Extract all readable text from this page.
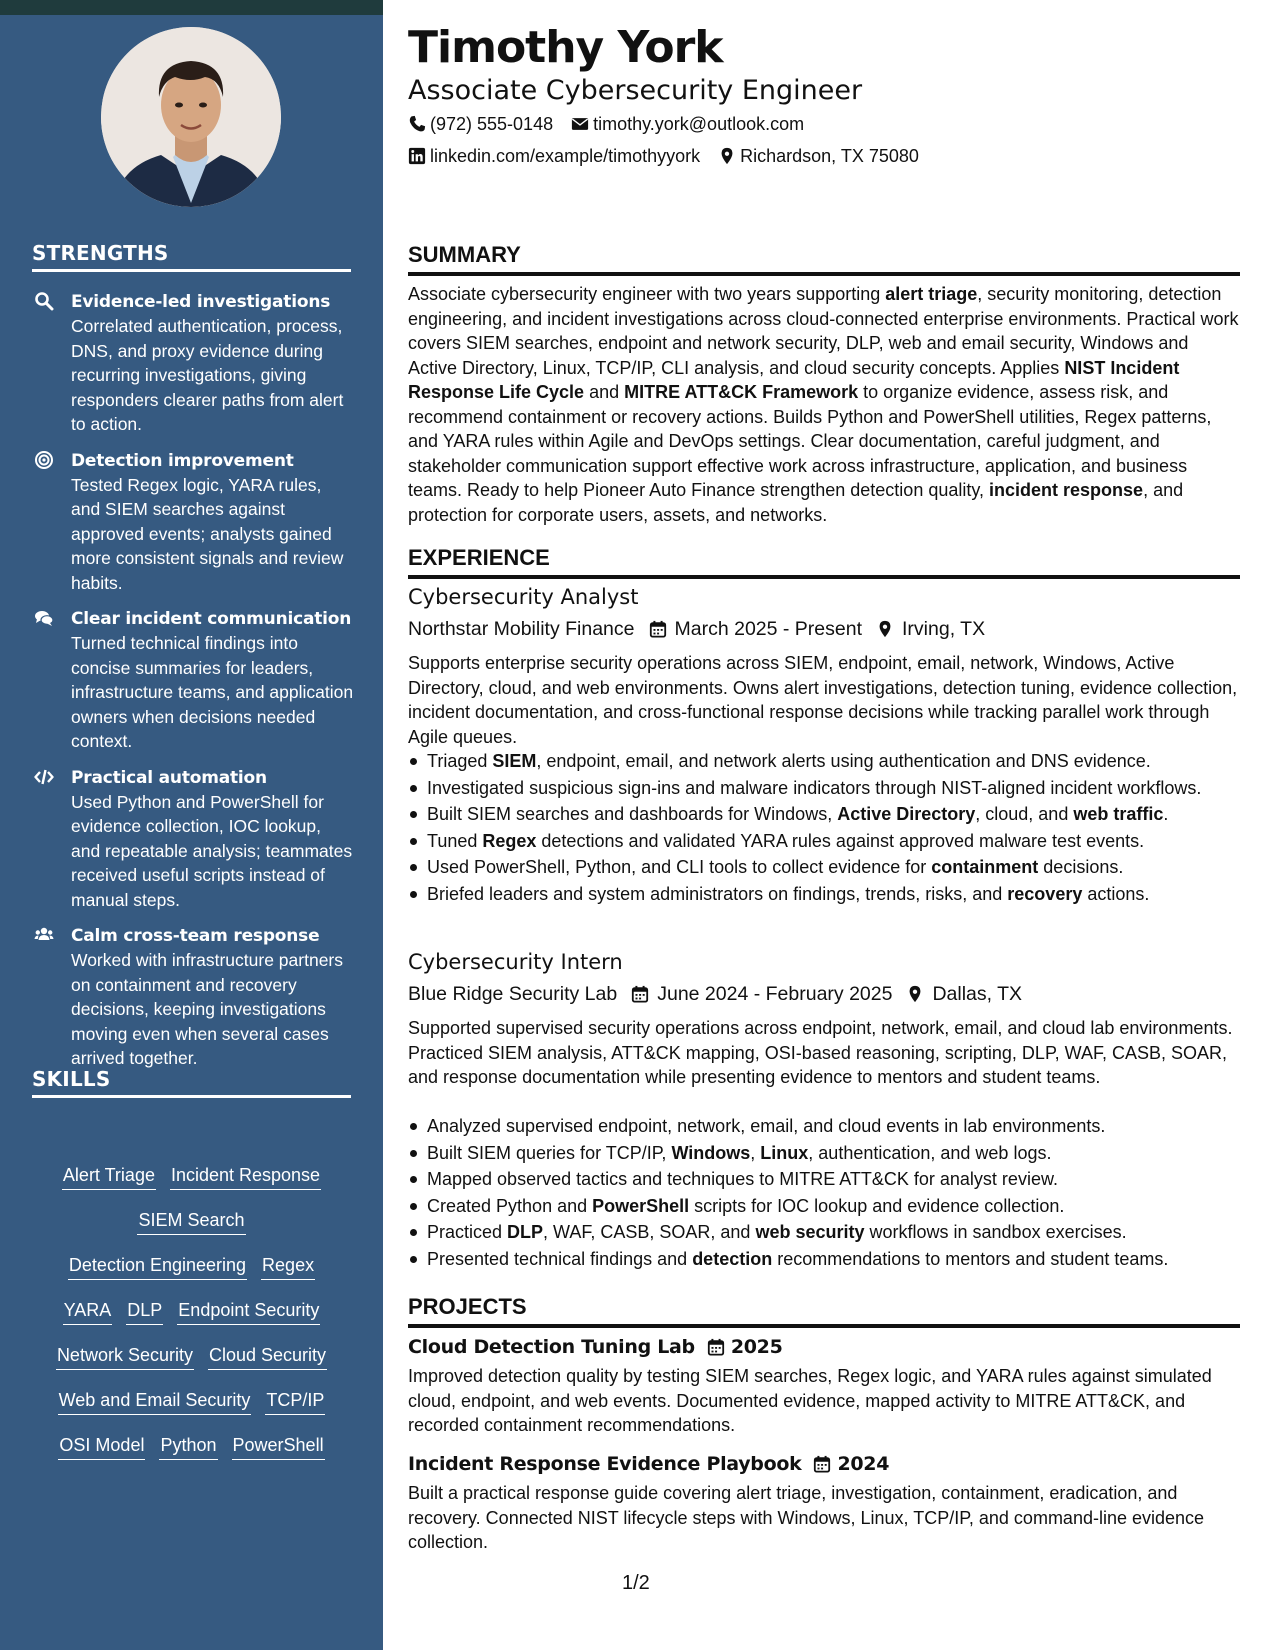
STRENGTHS
Evidence-led investigations
Correlated authentication, process, DNS, and proxy evidence during recurring investigations, giving responders clearer paths from alert to action.
Detection improvement
Tested Regex logic, YARA rules, and SIEM searches against approved events; analysts gained more consistent signals and review habits.
Clear incident communication
Turned technical findings into concise summaries for leaders, infrastructure teams, and application owners when decisions needed context.
Practical automation
Used Python and PowerShell for evidence collection, IOC lookup, and repeatable analysis; teammates received useful scripts instead of manual steps.
Calm cross-team response
Worked with infrastructure partners on containment and recovery decisions, keeping investigations moving even when several cases arrived together.
SKILLS
Alert Triage Incident Response
SIEM Search
Detection Engineering Regex
YARA DLP Endpoint Security
Network Security Cloud Security
Web and Email Security TCP/IP
OSI Model Python PowerShell
Timothy York
Associate Cybersecurity Engineer
(972) 555-0148 timothy.york@outlook.com
linkedin.com/example/timothyyork Richardson, TX 75080
SUMMARY
Associate cybersecurity engineer with two years supporting alert triage, security monitoring, detection engineering, and incident investigations across cloud-connected enterprise environments. Practical work covers SIEM searches, endpoint and network security, DLP, web and email security, Windows and Active Directory, Linux, TCP/IP, CLI analysis, and cloud security concepts. Applies NIST Incident Response Life Cycle and MITRE ATT&CK Framework to organize evidence, assess risk, and recommend containment or recovery actions. Builds Python and PowerShell utilities, Regex patterns, and YARA rules within Agile and DevOps settings. Clear documentation, careful judgment, and stakeholder communication support effective work across infrastructure, application, and business teams. Ready to help Pioneer Auto Finance strengthen detection quality, incident response, and protection for corporate users, assets, and networks.
EXPERIENCE
Cybersecurity Analyst
Northstar Mobility Finance March 2025 - Present Irving, TX
Supports enterprise security operations across SIEM, endpoint, email, network, Windows, Active Directory, cloud, and web environments. Owns alert investigations, detection tuning, evidence collection, incident documentation, and cross-functional response decisions while tracking parallel work through Agile queues.
Triaged SIEM, endpoint, email, and network alerts using authentication and DNS evidence.
Investigated suspicious sign-ins and malware indicators through NIST-aligned incident workflows.
Built SIEM searches and dashboards for Windows, Active Directory, cloud, and web traffic.
Tuned Regex detections and validated YARA rules against approved malware test events.
Used PowerShell, Python, and CLI tools to collect evidence for containment decisions.
Briefed leaders and system administrators on findings, trends, risks, and recovery actions.
Cybersecurity Intern
Blue Ridge Security Lab June 2024 - February 2025 Dallas, TX
Supported supervised security operations across endpoint, network, email, and cloud lab environments. Practiced SIEM analysis, ATT&CK mapping, OSI-based reasoning, scripting, DLP, WAF, CASB, SOAR, and response documentation while presenting evidence to mentors and student teams.
Analyzed supervised endpoint, network, email, and cloud events in lab environments.
Built SIEM queries for TCP/IP, Windows, Linux, authentication, and web logs.
Mapped observed tactics and techniques to MITRE ATT&CK for analyst review.
Created Python and PowerShell scripts for IOC lookup and evidence collection.
Practiced DLP, WAF, CASB, SOAR, and web security workflows in sandbox exercises.
Presented technical findings and detection recommendations to mentors and student teams.
PROJECTS
Cloud Detection Tuning Lab 2025
Improved detection quality by testing SIEM searches, Regex logic, and YARA rules against simulated cloud, endpoint, and web events. Documented evidence, mapped activity to MITRE ATT&CK, and recorded containment recommendations.
Incident Response Evidence Playbook 2024
Built a practical response guide covering alert triage, investigation, containment, eradication, and recovery. Connected NIST lifecycle steps with Windows, Linux, TCP/IP, and command-line evidence collection.
1/2
